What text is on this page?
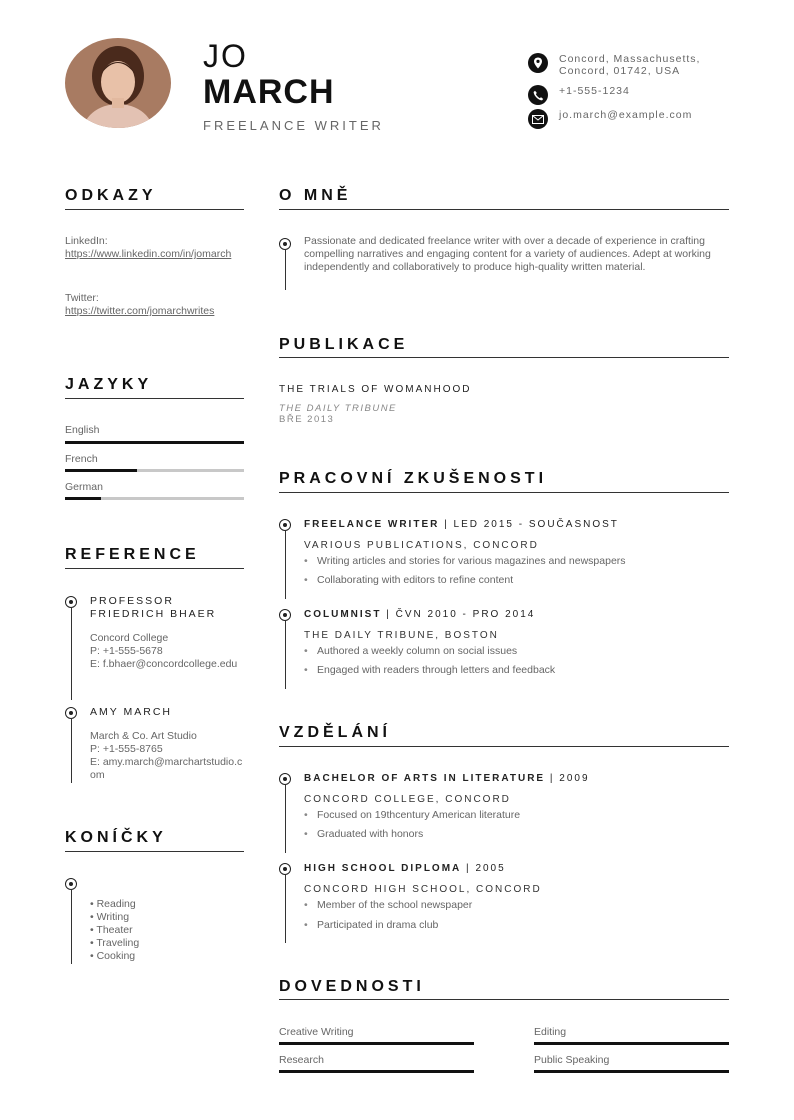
JO
MARCH
FREELANCE WRITER
Concord, Massachusetts, Concord, 01742, USA
+1-555-1234
jo.march@example.com
ODKAZY
LinkedIn:
https://www.linkedin.com/in/jomarch
Twitter:
https://twitter.com/jomarchwrites
JAZYKY
English
French
German
REFERENCE
PROFESSOR FRIEDRICH BHAER
Concord College
P: +1-555-5678
E: f.bhaer@concordcollege.edu
AMY MARCH
March & Co. Art Studio
P: +1-555-8765
E: amy.march@marchartstudio.com
KONÍČKY
• Reading
• Writing
• Theater
• Traveling
• Cooking
O MNĚ
Passionate and dedicated freelance writer with over a decade of experience in crafting compelling narratives and engaging content for a variety of audiences. Adept at working independently and collaboratively to produce high-quality written material.
PUBLIKACE
THE TRIALS OF WOMANHOOD
THE DAILY TRIBUNE
BŘE 2013
PRACOVNÍ ZKUŠENOSTI
FREELANCE WRITER | LED 2015 - SOUČASNOST
VARIOUS PUBLICATIONS, CONCORD
• Writing articles and stories for various magazines and newspapers
• Collaborating with editors to refine content
COLUMNIST | ČVN 2010 - PRO 2014
THE DAILY TRIBUNE, BOSTON
• Authored a weekly column on social issues
• Engaged with readers through letters and feedback
VZDĚLÁNÍ
BACHELOR OF ARTS IN LITERATURE | 2009
CONCORD COLLEGE, CONCORD
• Focused on 19thcentury American literature
• Graduated with honors
HIGH SCHOOL DIPLOMA | 2005
CONCORD HIGH SCHOOL, CONCORD
• Member of the school newspaper
• Participated in drama club
DOVEDNOSTI
Creative Writing	Editing
Research	Public Speaking
